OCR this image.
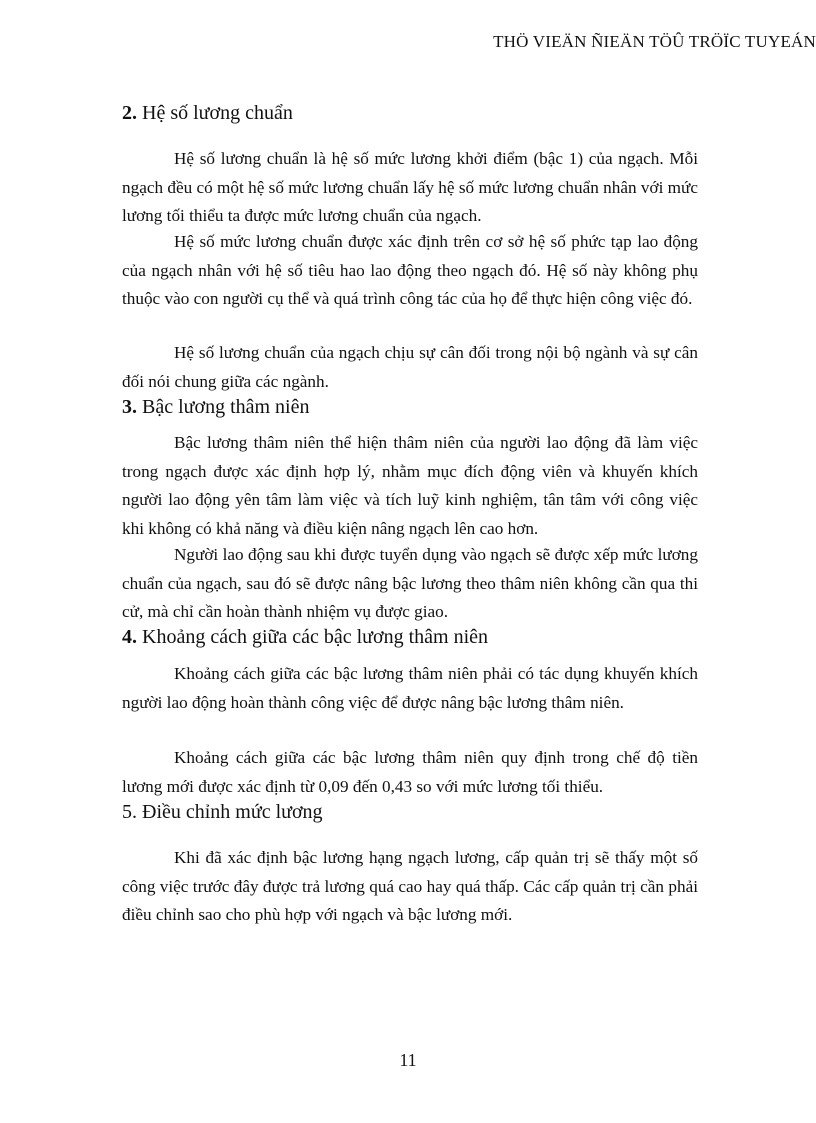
THÖ VIEÄN ÑIEÄN TÖÛ TRÖÏC TUYEÁN
2. Hệ số lương chuẩn

Hệ số lương chuẩn là hệ số mức lương khởi điểm (bậc 1) của ngạch. Mỗi ngạch đều có một hệ số mức lương chuẩn lấy hệ số mức lương chuẩn nhân với mức lương tối thiểu ta được mức lương chuẩn của ngạch.

Hệ số mức lương chuẩn được xác định trên cơ sở hệ số phức tạp lao động của ngạch nhân với hệ số tiêu hao lao động theo ngạch đó. Hệ số này không phụ thuộc vào con người cụ thể và quá trình công tác của họ để thực hiện công việc đó.

Hệ số lương chuẩn của ngạch chịu sự cân đối trong nội bộ ngành và sự cân đối nói chung giữa các ngành.

3. Bậc lương thâm niên

Bậc lương thâm niên thể hiện thâm niên của người lao động đã làm việc trong ngạch được xác định hợp lý, nhằm mục đích động viên và khuyến khích người lao động yên tâm làm việc và tích luỹ kinh nghiệm, tân tâm với công việc khi không có khả năng và điều kiện nâng ngạch lên cao hơn.

Người lao động sau khi được tuyển dụng vào ngạch sẽ được xếp mức lương chuẩn của ngạch, sau đó sẽ được nâng bậc lương theo thâm niên không cần qua thi cử, mà chỉ cần hoàn thành nhiệm vụ được giao.

4. Khoảng cách giữa các bậc lương thâm niên

Khoảng cách giữa các bậc lương thâm niên phải có tác dụng khuyến khích người lao động hoàn thành công việc để được nâng bậc lương thâm niên.

Khoảng cách giữa các bậc lương thâm niên quy định trong chế độ tiền lương mới được xác định từ 0,09 đến 0,43 so với mức lương tối thiểu.

5. Điều chỉnh mức lương

Khi đã xác định bậc lương hạng ngạch lương, cấp quản trị sẽ thấy một số công việc trước đây được trả lương quá cao hay quá thấp. Các cấp quản trị cần phải điều chỉnh sao cho phù hợp với ngạch và bậc lương mới.

11
